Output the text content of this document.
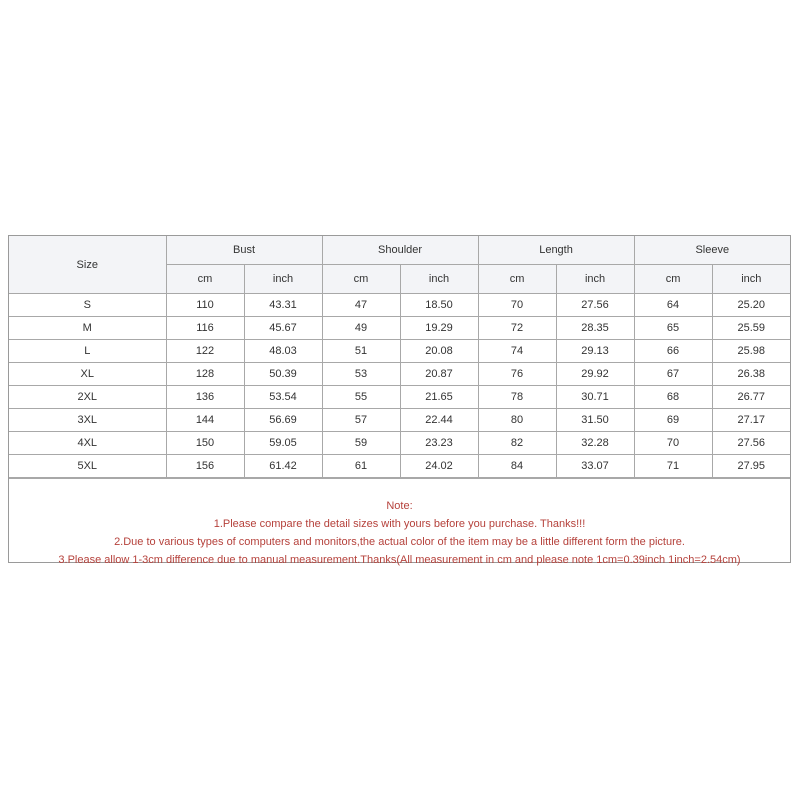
Size	Bust		Shoulder		Length		Sleeve	
	cm	inch	cm	inch	cm	inch	cm	inch
S	110	43.31	47	18.50	70	27.56	64	25.20
M	116	45.67	49	19.29	72	28.35	65	25.59
L	122	48.03	51	20.08	74	29.13	66	25.98
XL	128	50.39	53	20.87	76	29.92	67	26.38
2XL	136	53.54	55	21.65	78	30.71	68	26.77
3XL	144	56.69	57	22.44	80	31.50	69	27.17
4XL	150	59.05	59	23.23	82	32.28	70	27.56
5XL	156	61.42	61	24.02	84	33.07	71	27.95
Note:
1.Please compare the detail sizes with yours before you purchase. Thanks!!!
2.Due to various types of computers and monitors,the actual color of the item may be a little different form the picture.
3.Please allow 1-3cm difference due to manual measurement.Thanks(All measurement in cm and please note 1cm=0.39inch 1inch=2.54cm)
